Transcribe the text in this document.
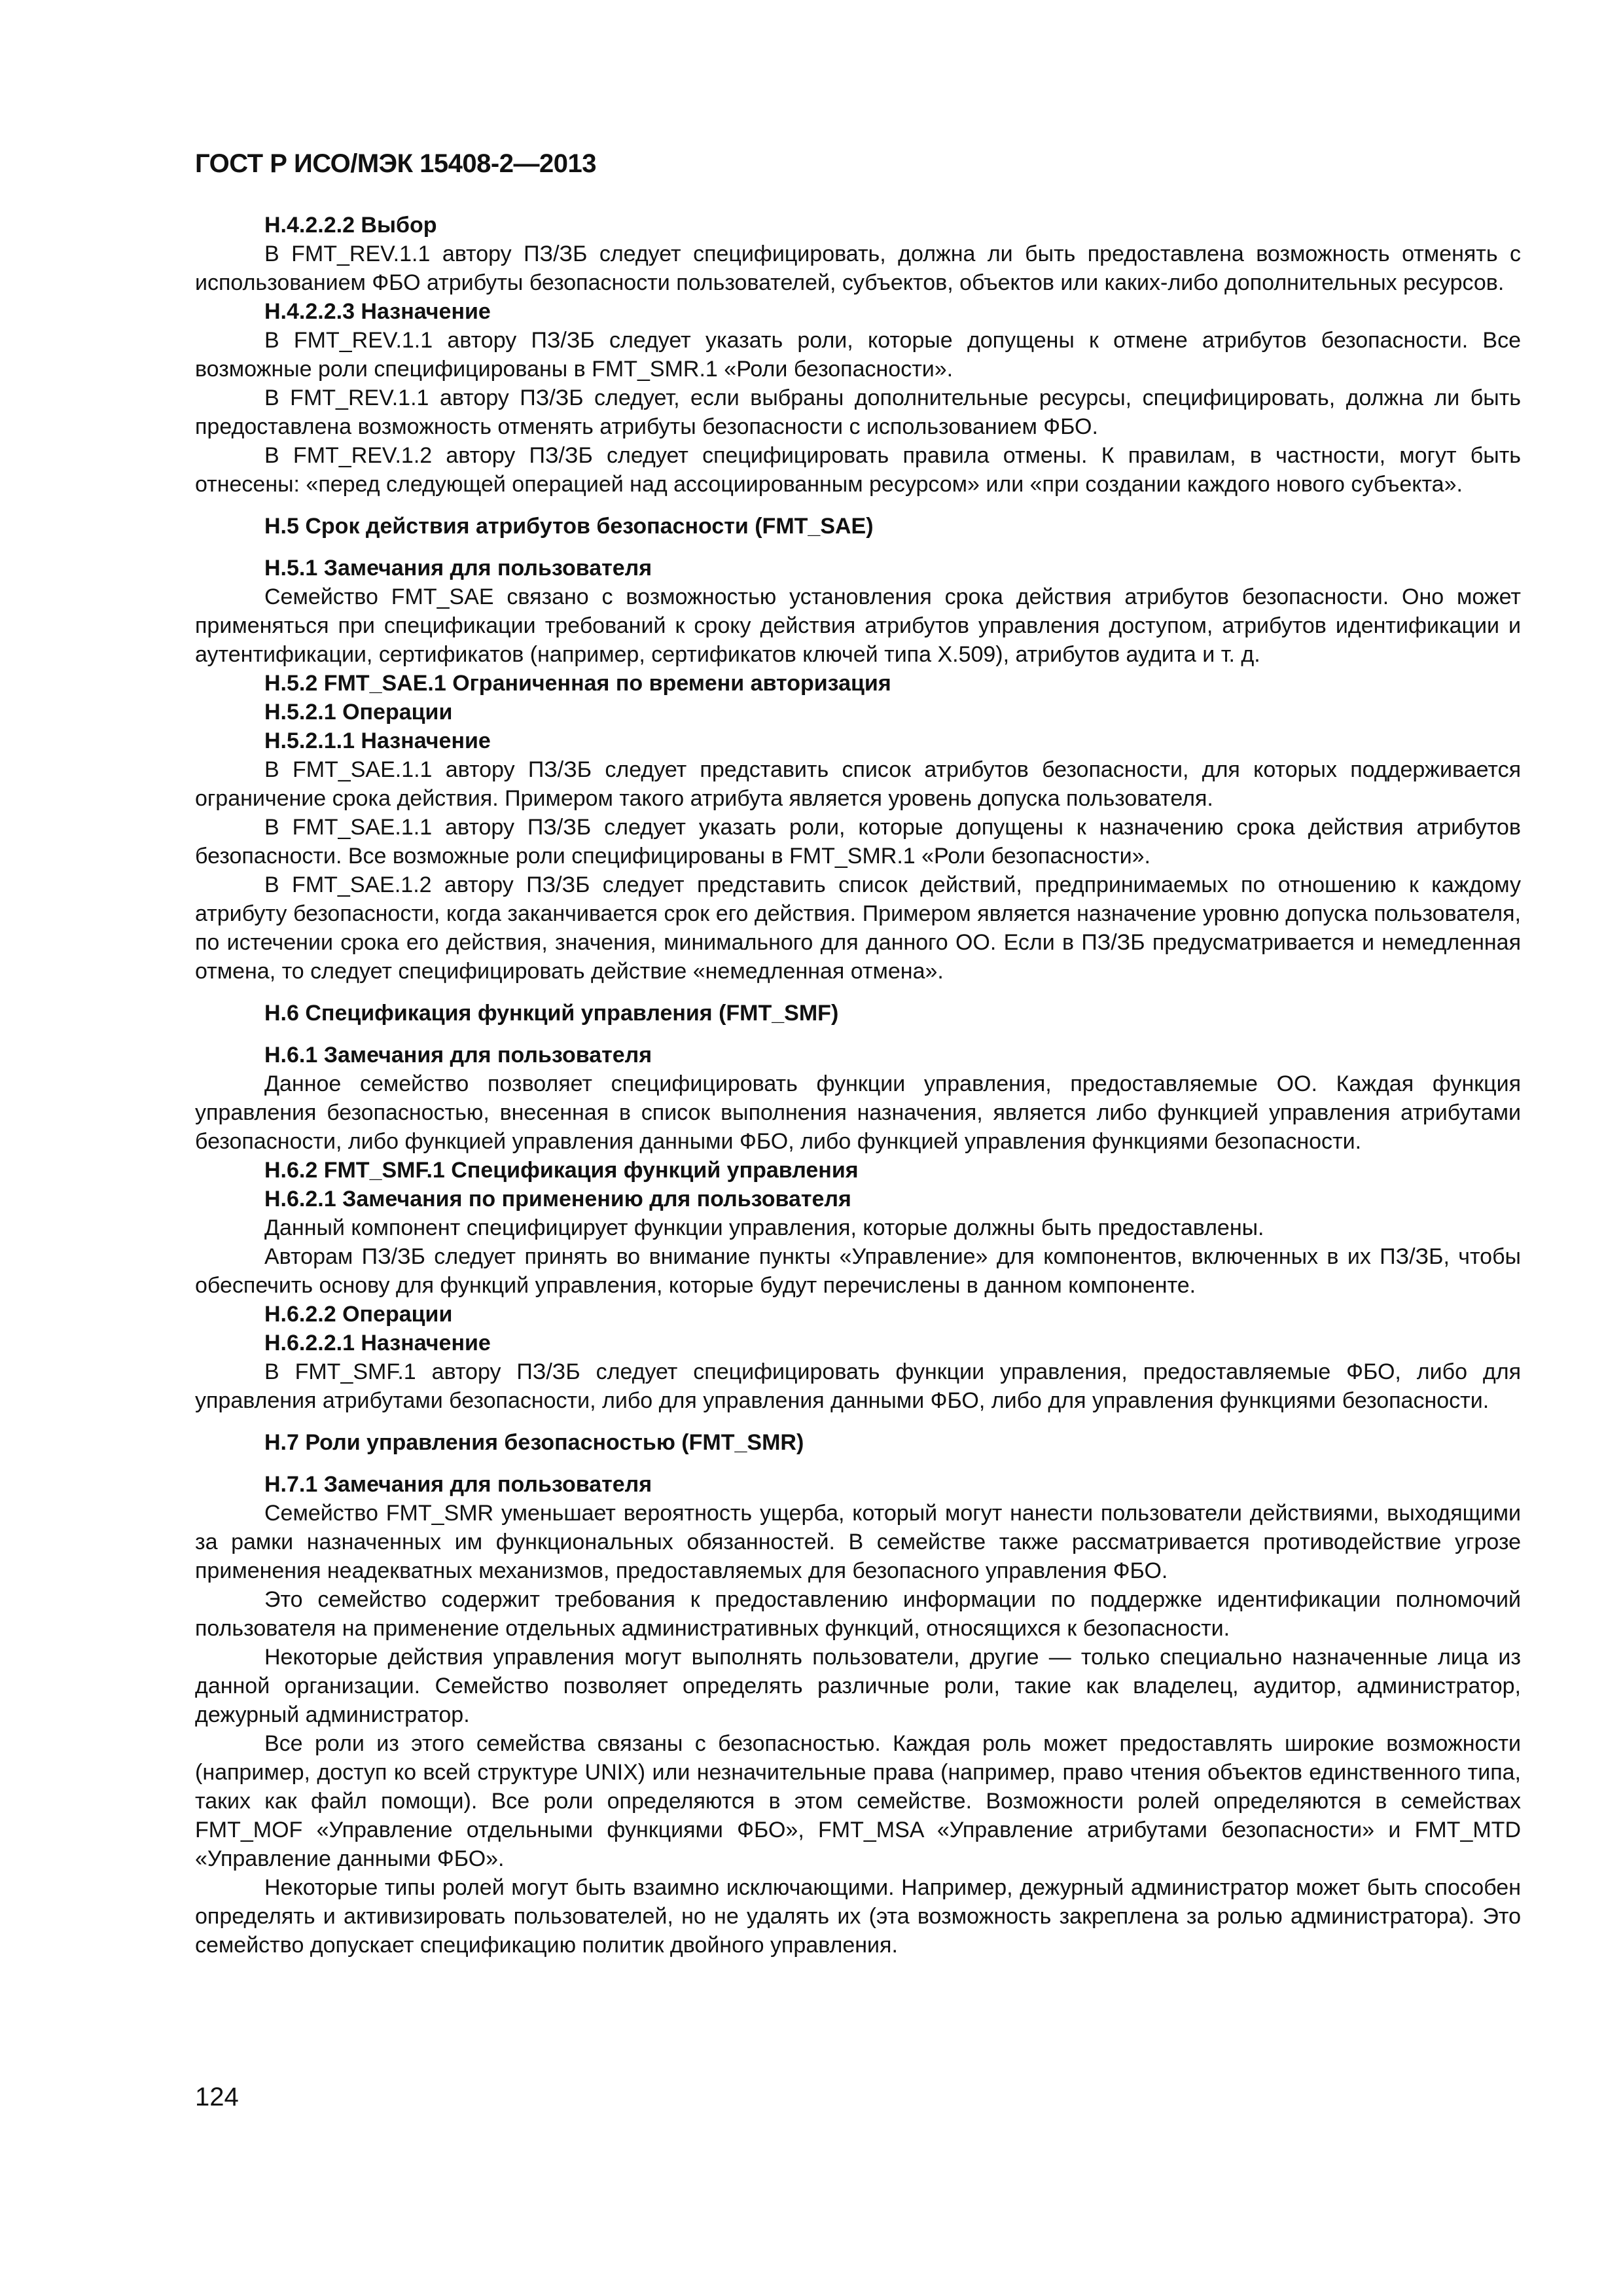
ГОСТ Р ИСО/МЭК 15408-2—2013

H.4.2.2.2 Выбор

В FMT_REV.1.1 автору ПЗ/ЗБ следует специфицировать, должна ли быть предоставлена возможность отменять с использованием ФБО атрибуты безопасности пользователей, субъектов, объектов или каких-либо дополнительных ресурсов.

H.4.2.2.3 Назначение

В FMT_REV.1.1 автору ПЗ/ЗБ следует указать роли, которые допущены к отмене атрибутов безопасности. Все возможные роли специфицированы в FMT_SMR.1 «Роли безопасности».

В FMT_REV.1.1 автору ПЗ/ЗБ следует, если выбраны дополнительные ресурсы, специфицировать, должна ли быть предоставлена возможность отменять атрибуты безопасности с использованием ФБО.

В FMT_REV.1.2 автору ПЗ/ЗБ следует специфицировать правила отмены. К правилам, в частности, могут быть отнесены: «перед следующей операцией над ассоциированным ресурсом» или «при создании каждого нового субъекта».

H.5 Срок действия атрибутов безопасности (FMT_SAE)

H.5.1 Замечания для пользователя

Семейство FMT_SAE связано с возможностью установления срока действия атрибутов безопасности. Оно может применяться при спецификации требований к сроку действия атрибутов управления доступом, атрибутов идентификации и аутентификации, сертификатов (например, сертификатов ключей типа X.509), атрибутов аудита и т. д.

H.5.2 FMT_SAE.1 Ограниченная по времени авторизация

H.5.2.1 Операции

H.5.2.1.1 Назначение

В FMT_SAE.1.1 автору ПЗ/ЗБ следует представить список атрибутов безопасности, для которых поддерживается ограничение срока действия. Примером такого атрибута является уровень допуска пользователя.

В FMT_SAE.1.1 автору ПЗ/ЗБ следует указать роли, которые допущены к назначению срока действия атрибутов безопасности. Все возможные роли специфицированы в FMT_SMR.1 «Роли безопасности».

В FMT_SAE.1.2 автору ПЗ/ЗБ следует представить список действий, предпринимаемых по отношению к каждому атрибуту безопасности, когда заканчивается срок его действия. Примером является назначение уровню допуска пользователя, по истечении срока его действия, значения, минимального для данного ОО. Если в ПЗ/ЗБ предусматривается и немедленная отмена, то следует специфицировать действие «немедленная отмена».

H.6 Спецификация функций управления (FMT_SMF)

H.6.1 Замечания для пользователя

Данное семейство позволяет специфицировать функции управления, предоставляемые ОО. Каждая функция управления безопасностью, внесенная в список выполнения назначения, является либо функцией управления атрибутами безопасности, либо функцией управления данными ФБО, либо функцией управления функциями безопасности.

H.6.2 FMT_SMF.1 Спецификация функций управления

H.6.2.1 Замечания по применению для пользователя

Данный компонент специфицирует функции управления, которые должны быть предоставлены.

Авторам ПЗ/ЗБ следует принять во внимание пункты «Управление» для компонентов, включенных в их ПЗ/ЗБ, чтобы обеспечить основу для функций управления, которые будут перечислены в данном компоненте.

H.6.2.2 Операции

H.6.2.2.1 Назначение

В FMT_SMF.1 автору ПЗ/ЗБ следует специфицировать функции управления, предоставляемые ФБО, либо для управления атрибутами безопасности, либо для управления данными ФБО, либо для управления функциями безопасности.

H.7 Роли управления безопасностью (FMT_SMR)

H.7.1 Замечания для пользователя

Семейство FMT_SMR уменьшает вероятность ущерба, который могут нанести пользователи действиями, выходящими за рамки назначенных им функциональных обязанностей. В семействе также рассматривается противодействие угрозе применения неадекватных механизмов, предоставляемых для безопасного управления ФБО.

Это семейство содержит требования к предоставлению информации по поддержке идентификации полномочий пользователя на применение отдельных административных функций, относящихся к безопасности.

Некоторые действия управления могут выполнять пользователи, другие — только специально назначенные лица из данной организации. Семейство позволяет определять различные роли, такие как владелец, аудитор, администратор, дежурный администратор.

Все роли из этого семейства связаны с безопасностью. Каждая роль может предоставлять широкие возможности (например, доступ ко всей структуре UNIX) или незначительные права (например, право чтения объектов единственного типа, таких как файл помощи). Все роли определяются в этом семействе. Возможности ролей определяются в семействах FMT_MOF «Управление отдельными функциями ФБО», FMT_MSA «Управление атрибутами безопасности» и FMT_MTD «Управление данными ФБО».

Некоторые типы ролей могут быть взаимно исключающими. Например, дежурный администратор может быть способен определять и активизировать пользователей, но не удалять их (эта возможность закреплена за ролью администратора). Это семейство допускает спецификацию политик двойного управления.

124
